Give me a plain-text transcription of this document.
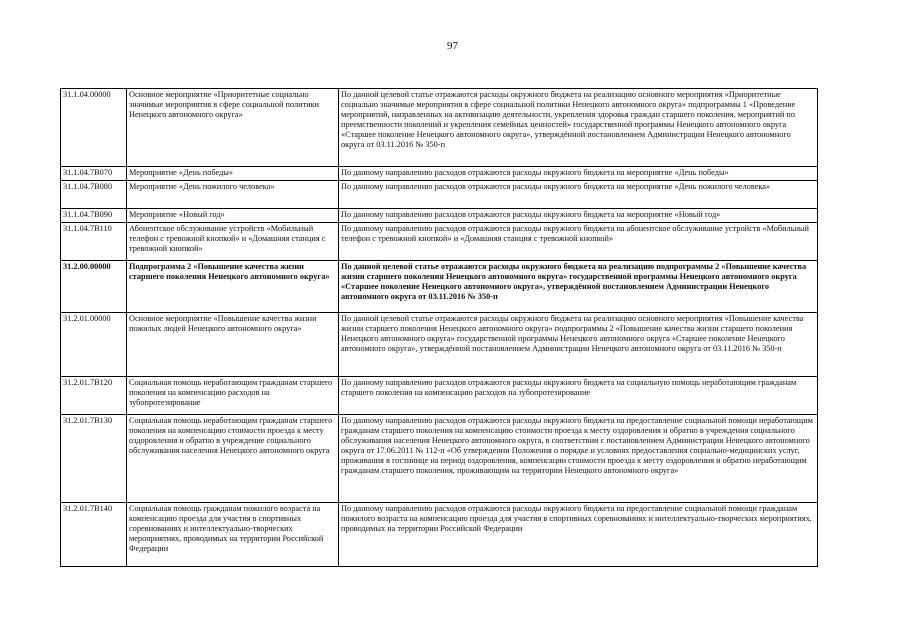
97
31.1.04.00000	Основное мероприятие «Приоритетные социально значимые мероприятия в сфере социальной политики Ненецкого автономного округа»	По данной целевой статье отражаются расходы окружного бюджета на реализацию основного мероприятия «Приоритетные социально значимые мероприятия в сфере социальной политики Ненецкого автономного округа» подпрограммы 1 «Проведение мероприятий, направленных на активизацию деятельности, укрепления здоровья граждан старшего поколения, мероприятий по преемственности поколений и укрепления семейных ценностей» государственной программы Ненецкого автономного округа «Старшее поколение Ненецкого автономного округа», утверждённой постановлением Администрации Ненецкого автономного округа от 03.11.2016 № 350-п
31.1.04.7В070	Мероприятие «День победы»	По данному направлению расходов отражаются расходы окружного бюджета на мероприятие «День победы»
31.1.04.7В080	Мероприятие «День пожилого человека»	По данному направлению расходов отражаются расходы окружного бюджета на мероприятие «День пожилого человека»
31.1.04.7В090	Мероприятие «Новый год»	По данному направлению расходов отражаются расходы окружного бюджета на мероприятие «Новый год»
31.1.04.7В110	Абонентское обслуживание устройств «Мобильный телефон с тревожной кнопкой» и «Домашняя станция с тревожной кнопкой»	По данному направлению расходов отражаются расходы окружного бюджета на абонентское обслуживание устройств «Мобильный телефон с тревожной кнопкой» и «Домашняя станция с тревожной кнопкой»
31.2.00.00000	Подпрограмма 2 «Повышение качества жизни старшего поколения Ненецкого автономного округа»	По данной целевой статье отражаются расходы окружного бюджета на реализацию подпрограммы 2 «Повышение качества жизни старшего поколения Ненецкого автономного округа» государственной программы Ненецкого автономного округа «Старшее поколение Ненецкого автономного округа», утверждённой постановлением Администрации Ненецкого автономного округа от 03.11.2016 № 350-п
31.2.01.00000	Основное мероприятие «Повышение качества жизни пожилых людей Ненецкого автономного округа»	По данной целевой статье отражаются расходы окружного бюджета на реализацию основного мероприятия «Повышение качества жизни старшего поколения Ненецкого автономного округа» подпрограммы 2 «Повышение качества жизни старшего поколения Ненецкого автономного округа» государственной программы Ненецкого автономного округа «Старшее поколение Ненецкого автономного округа», утверждённой постановлением Администрации Ненецкого автономного округа от 03.11.2016 № 350-п
31.2.01.7В120	Социальная помощь неработающим гражданам старшего поколения на компенсацию расходов на зубопротезирование	По данному направлению расходов отражаются расходы окружного бюджета на социальную помощь неработающим гражданам старшего поколения на компенсацию расходов на зубопротезирование
31.2.01.7В130	Социальная помощь неработающим гражданам старшего поколения на компенсацию стоимости проезда к месту оздоровления и обратно в учреждение социального обслуживания населения Ненецкого автономного округа	По данному направлению расходов отражаются расходы окружного бюджета на предоставление социальной помощи неработающим гражданам старшего поколения на компенсацию стоимости проезда к месту оздоровления и обратно в учреждения социального обслуживания населения Ненецкого автономного округа, в соответствии с постановлением Администрации Ненецкого автономного округа от 17.06.2011 № 112-п «Об утверждении Положения о порядке и условиях предоставления социально-медицинских услуг, проживания в гостинице на период оздоровления, компенсации стоимости проезда к месту оздоровления и обратно неработающим гражданам старшего поколения, проживающим на территории Ненецкого автономного округа»
31.2.01.7В140	Социальная помощь гражданам пожилого возраста на компенсацию проезда для участия в спортивных соревнованиях и интеллектуально-творческих мероприятиях, проводимых на территории Российской Федерации	По данному направлению расходов отражаются расходы окружного бюджета на предоставление социальной помощи гражданам пожилого возраста на компенсацию проезда для участия в спортивных соревнованиях и интеллектуально-творческих мероприятиях, проводимых на территории Российской Федерации
